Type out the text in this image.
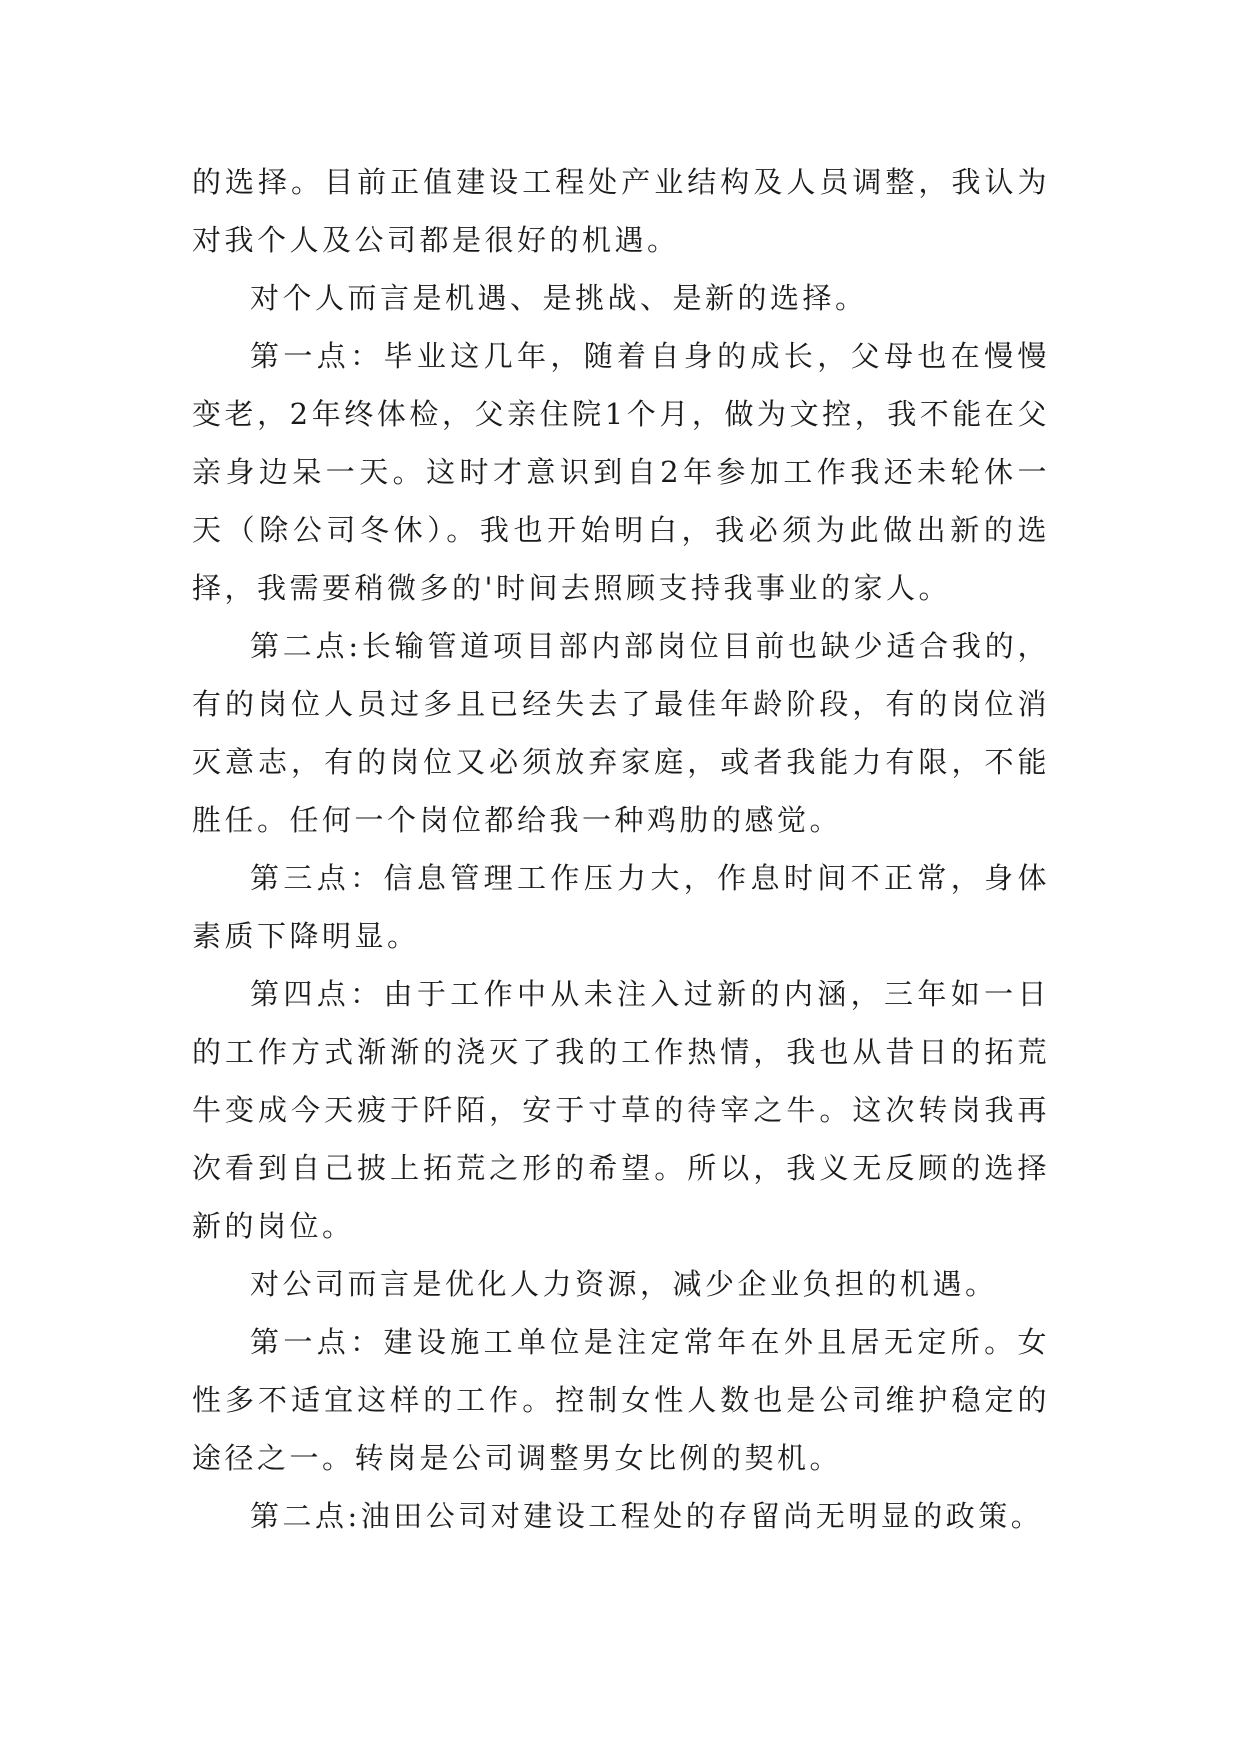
的选择。目前正值建设工程处产业结构及人员调整，我认为对我个人及公司都是很好的机遇。

对个人而言是机遇、是挑战、是新的选择。

第一点：毕业这几年，随着自身的成长，父母也在慢慢变老，2年终体检，父亲住院1个月，做为文控，我不能在父亲身边呆一天。这时才意识到自2年参加工作我还未轮休一天（除公司冬休）。我也开始明白，我必须为此做出新的选择，我需要稍微多的'时间去照顾支持我事业的家人。

第二点:长输管道项目部内部岗位目前也缺少适合我的，有的岗位人员过多且已经失去了最佳年龄阶段，有的岗位消灭意志，有的岗位又必须放弃家庭，或者我能力有限，不能胜任。任何一个岗位都给我一种鸡肋的感觉。

第三点：信息管理工作压力大，作息时间不正常，身体素质下降明显。

第四点：由于工作中从未注入过新的内涵，三年如一日的工作方式渐渐的浇灭了我的工作热情，我也从昔日的拓荒牛变成今天疲于阡陌，安于寸草的待宰之牛。这次转岗我再次看到自己披上拓荒之形的希望。所以，我义无反顾的选择新的岗位。

对公司而言是优化人力资源，减少企业负担的机遇。

第一点：建设施工单位是注定常年在外且居无定所。女性多不适宜这样的工作。控制女性人数也是公司维护稳定的途径之一。转岗是公司调整男女比例的契机。

第二点:油田公司对建设工程处的存留尚无明显的政策。
